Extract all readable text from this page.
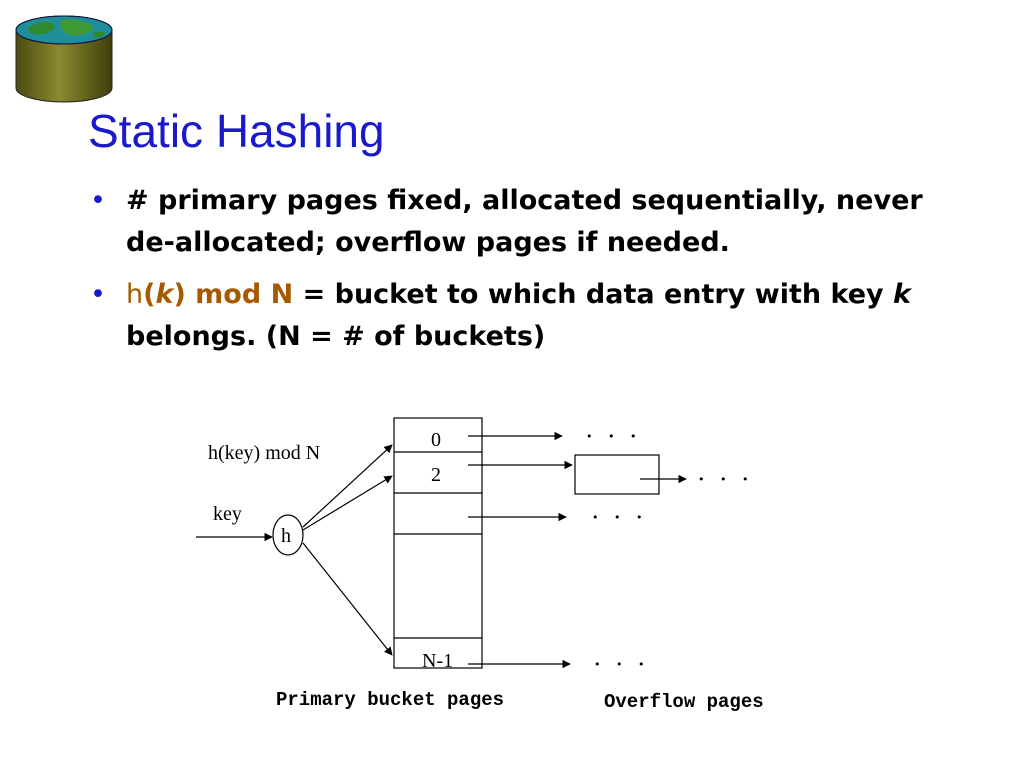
Static Hashing
• # primary pages fixed, allocated sequentially, never de-allocated; overflow pages if needed.
• h(k) mod N = bucket to which data entry with key k belongs. (N = # of buckets)
h(key) mod N
key
h
0
2
N-1
• • •
• • •
• • •
• • •
Primary bucket pages	Overflow pages
